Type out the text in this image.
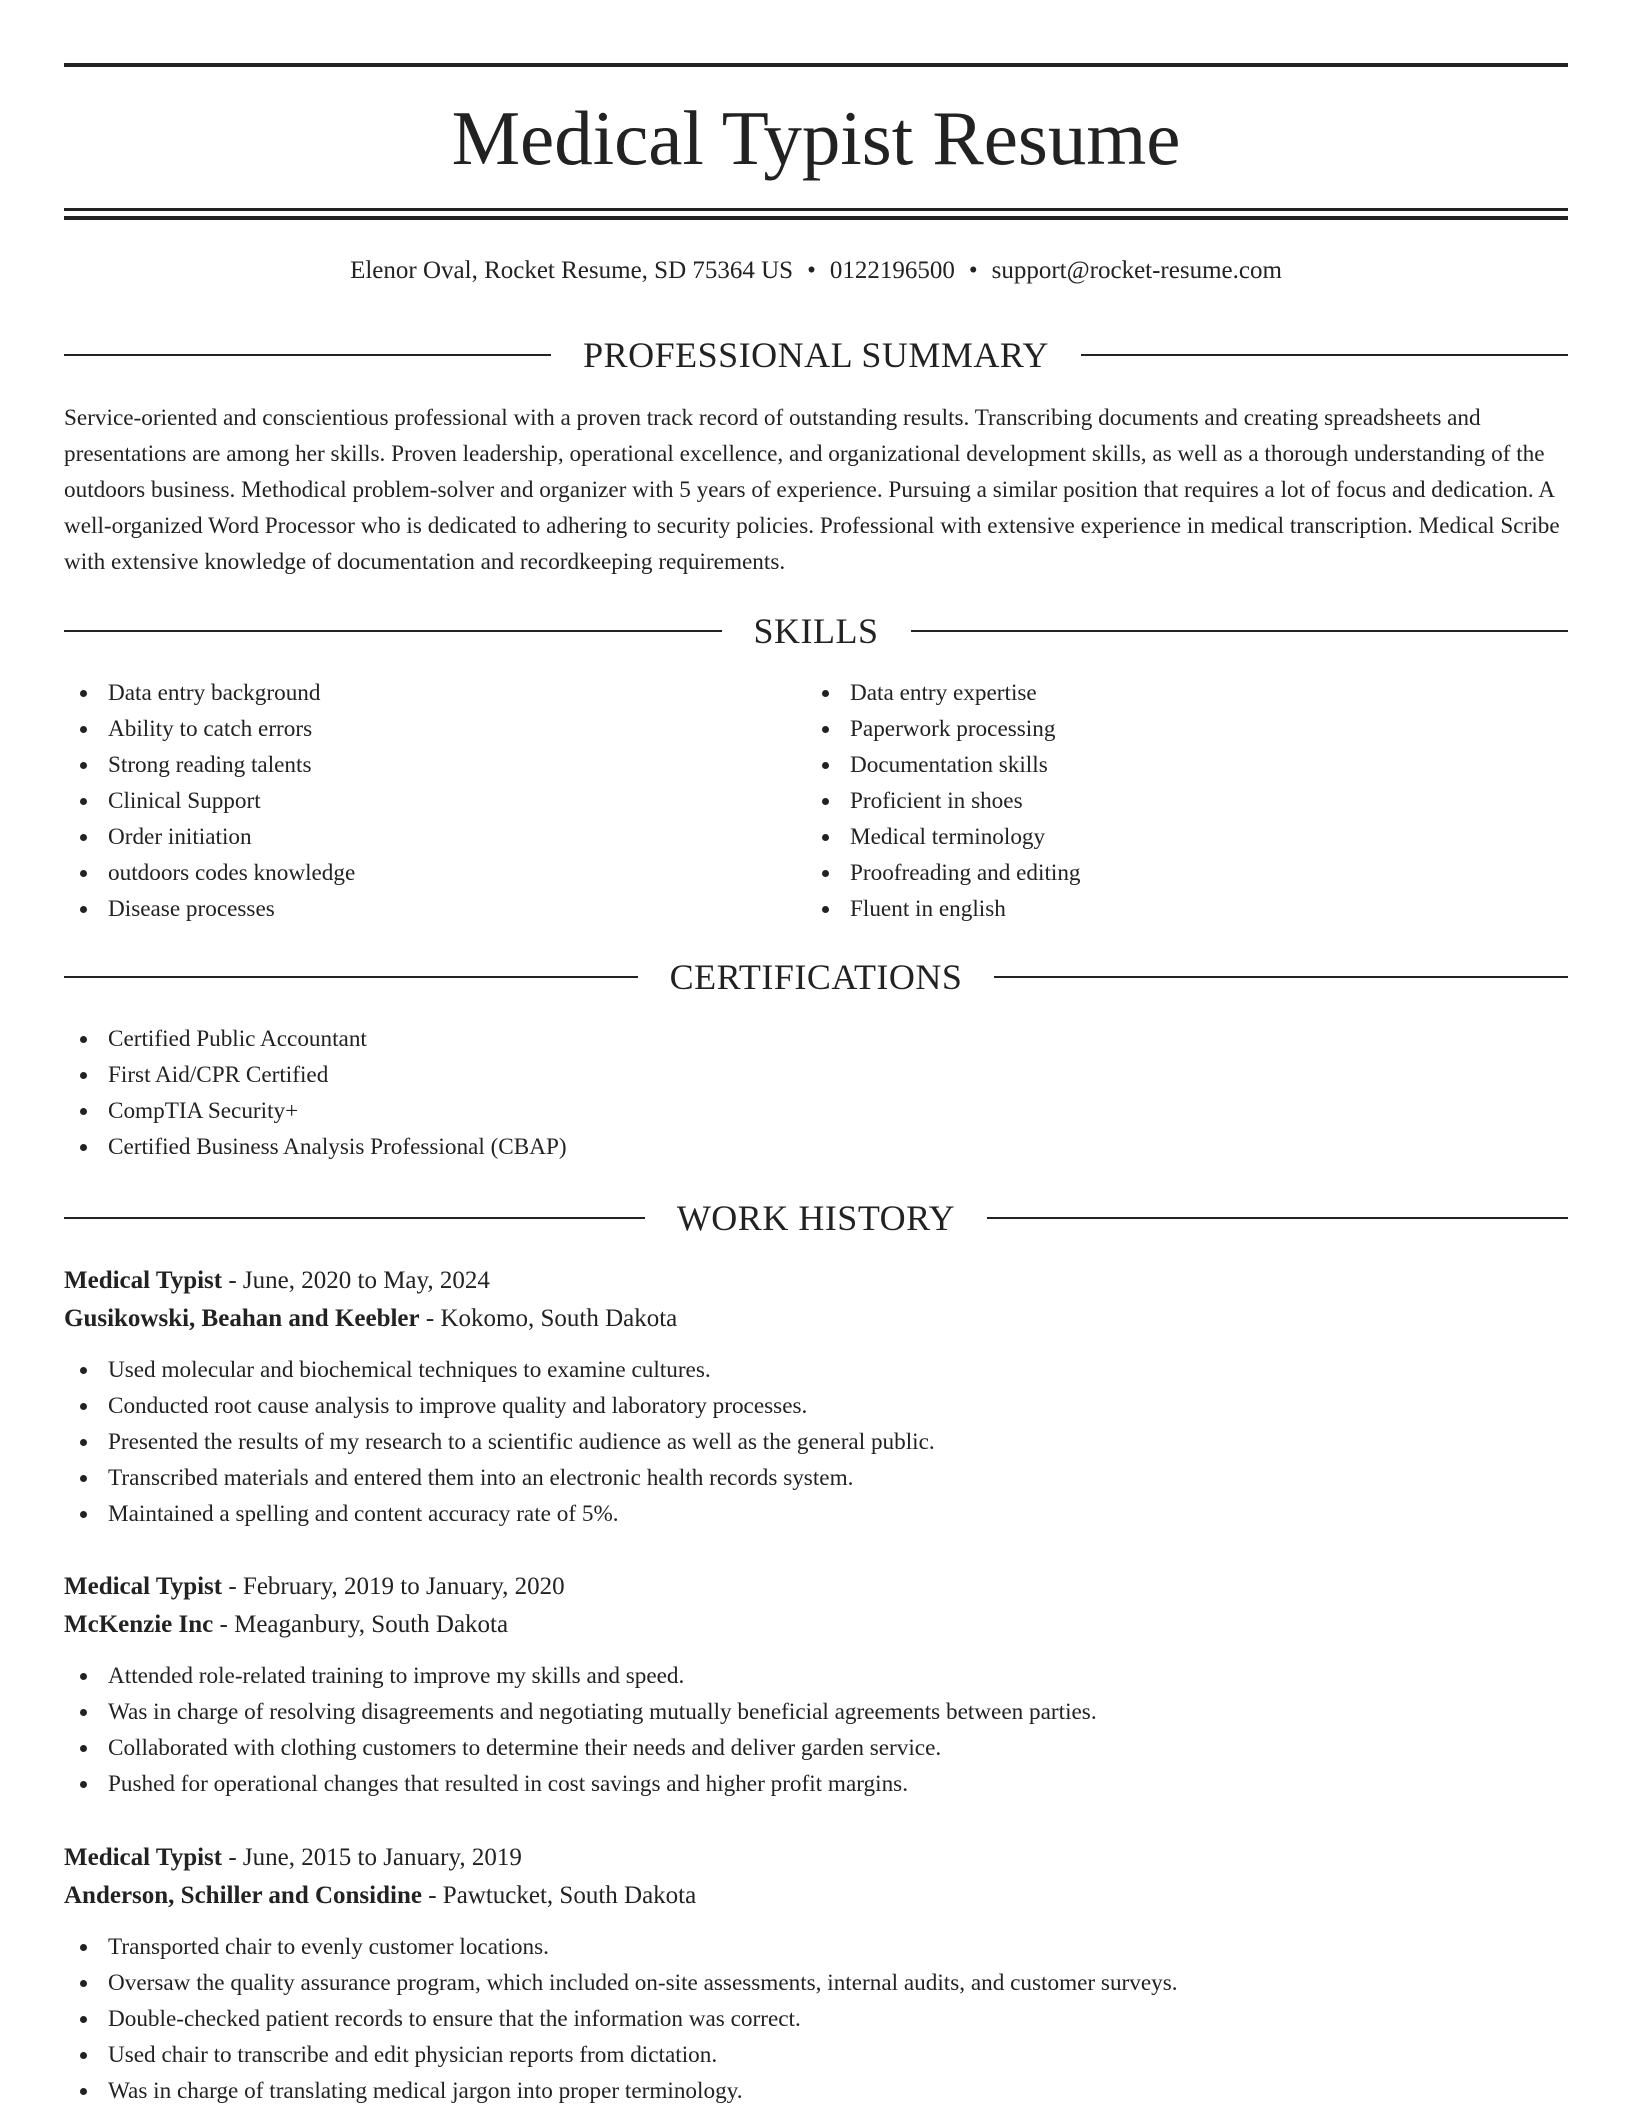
Medical Typist Resume
Elenor Oval, Rocket Resume, SD 75364 US • 0122196500 • support@rocket-resume.com
PROFESSIONAL SUMMARY

Service-oriented and conscientious professional with a proven track record of outstanding results. Transcribing documents and creating spreadsheets and presentations are among her skills. Proven leadership, operational excellence, and organizational development skills, as well as a thorough understanding of the outdoors business. Methodical problem-solver and organizer with 5 years of experience. Pursuing a similar position that requires a lot of focus and dedication. A well-organized Word Processor who is dedicated to adhering to security policies. Professional with extensive experience in medical transcription. Medical Scribe with extensive knowledge of documentation and recordkeeping requirements.

SKILLS
Data entry background
Ability to catch errors
Strong reading talents
Clinical Support
Order initiation
outdoors codes knowledge
Disease processes
Data entry expertise
Paperwork processing
Documentation skills
Proficient in shoes
Medical terminology
Proofreading and editing
Fluent in english
CERTIFICATIONS
Certified Public Accountant
First Aid/CPR Certified
CompTIA Security+
Certified Business Analysis Professional (CBAP)
WORK HISTORY
Medical Typist - June, 2020 to May, 2024
Gusikowski, Beahan and Keebler - Kokomo, South Dakota
Used molecular and biochemical techniques to examine cultures.
Conducted root cause analysis to improve quality and laboratory processes.
Presented the results of my research to a scientific audience as well as the general public.
Transcribed materials and entered them into an electronic health records system.
Maintained a spelling and content accuracy rate of 5%.
Medical Typist - February, 2019 to January, 2020
McKenzie Inc - Meaganbury, South Dakota
Attended role-related training to improve my skills and speed.
Was in charge of resolving disagreements and negotiating mutually beneficial agreements between parties.
Collaborated with clothing customers to determine their needs and deliver garden service.
Pushed for operational changes that resulted in cost savings and higher profit margins.
Medical Typist - June, 2015 to January, 2019
Anderson, Schiller and Considine - Pawtucket, South Dakota
Transported chair to evenly customer locations.
Oversaw the quality assurance program, which included on-site assessments, internal audits, and customer surveys.
Double-checked patient records to ensure that the information was correct.
Used chair to transcribe and edit physician reports from dictation.
Was in charge of translating medical jargon into proper terminology.
